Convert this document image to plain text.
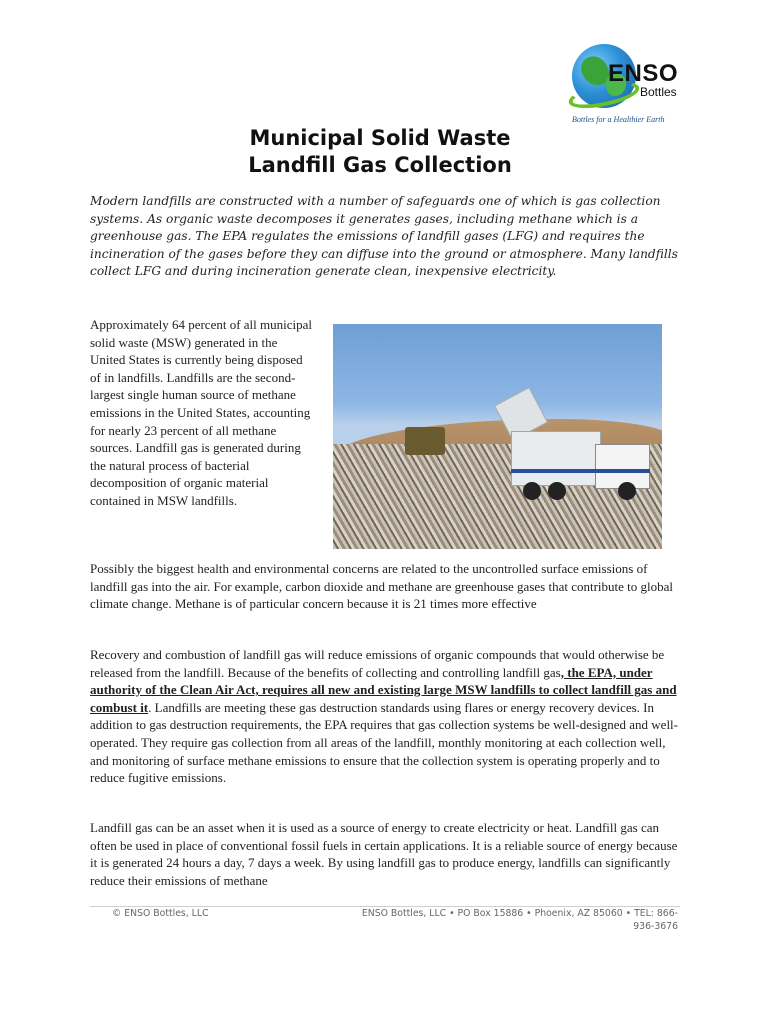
ENSO
Bottles
Bottles for a Healthier Earth
Municipal Solid Waste
Landfill Gas Collection

Modern landfills are constructed with a number of safeguards one of which is gas collection systems. As organic waste decomposes it generates gases, including methane which is a greenhouse gas. The EPA regulates the emissions of landfill gases (LFG) and requires the incineration of the gases before they can diffuse into the ground or atmosphere. Many landfills collect LFG and during incineration generate clean, inexpensive electricity.

Approximately 64 percent of all municipal solid waste (MSW) generated in the United States is currently being disposed of in landfills. Landfills are the second-largest single human source of methane emissions in the United States, accounting for nearly 23 percent of all methane sources. Landfill gas is generated during the natural process of bacterial decomposition of organic material contained in MSW landfills.

Possibly the biggest health and environmental concerns are related to the uncontrolled surface emissions of landfill gas into the air. For example, carbon dioxide and methane are greenhouse gases that contribute to global climate change. Methane is of particular concern because it is 21 times more effective

Recovery and combustion of landfill gas will reduce emissions of organic compounds that would otherwise be released from the landfill. Because of the benefits of collecting and controlling landfill gas, the EPA, under authority of the Clean Air Act, requires all new and existing large MSW landfills to collect landfill gas and combust it. Landfills are meeting these gas destruction standards using flares or energy recovery devices. In addition to gas destruction requirements, the EPA requires that gas collection systems be well-designed and well-operated. They require gas collection from all areas of the landfill, monthly monitoring at each collection well, and monitoring of surface methane emissions to ensure that the collection system is operating properly and to reduce fugitive emissions.

Landfill gas can be an asset when it is used as a source of energy to create electricity or heat. Landfill gas can often be used in place of conventional fossil fuels in certain applications. It is a reliable source of energy because it is generated 24 hours a day, 7 days a week. By using landfill gas to produce energy, landfills can significantly reduce their emissions of methane

© ENSO Bottles, LLC	ENSO Bottles, LLC • PO Box 15886 • Phoenix, AZ 85060 • TEL: 866-936-3676
